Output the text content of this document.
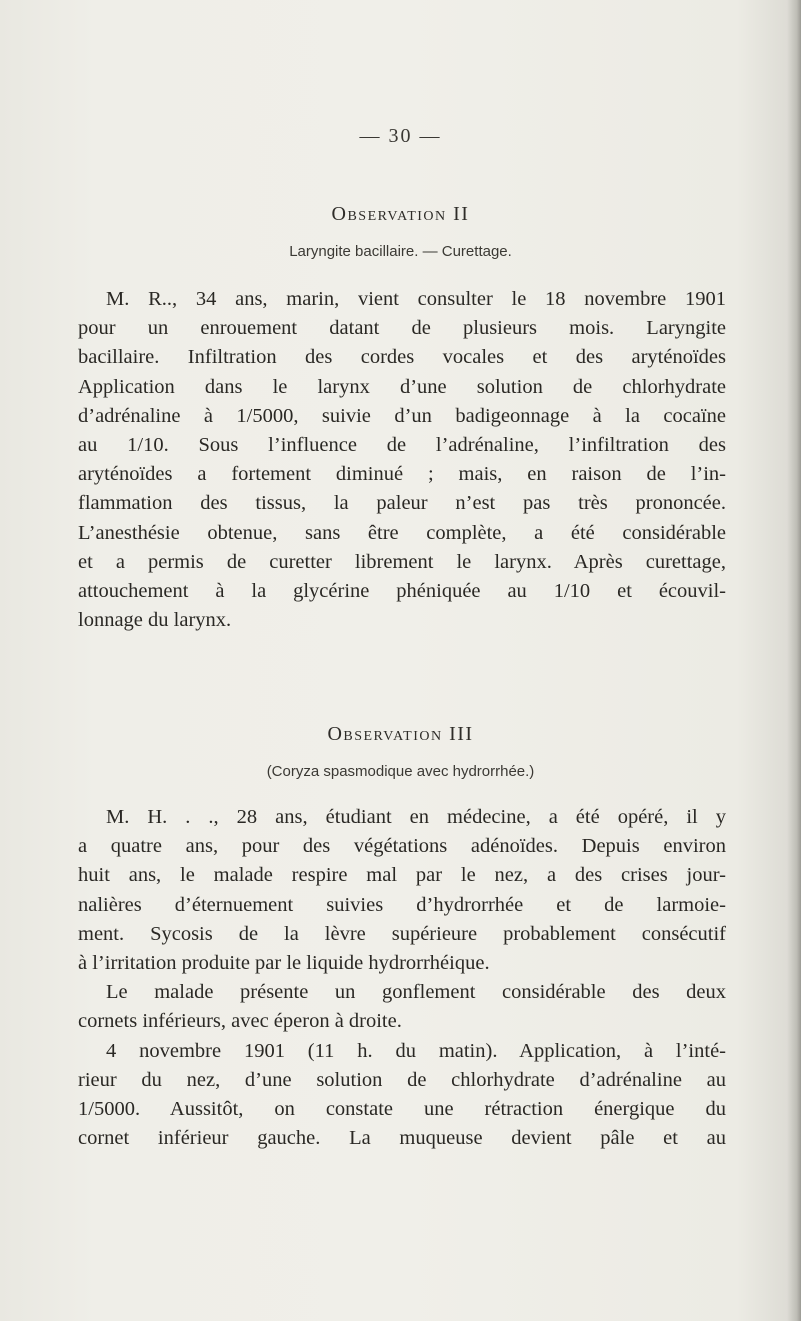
— 30 —
Observation II
Laryngite bacillaire. — Curettage.
M. R.., 34 ans, marin, vient consulter le 18 novembre 1901
pour un enrouement datant de plusieurs mois. Laryngite
bacillaire. Infiltration des cordes vocales et des aryténoïdes
Application dans le larynx d’une solution de chlorhydrate
d’adrénaline à 1/5000, suivie d’un badigeonnage à la cocaïne
au 1/10. Sous l’influence de l’adrénaline, l’infiltration des
aryténoïdes a fortement diminué ; mais, en raison de l’in-
flammation des tissus, la paleur n’est pas très prononcée.
L’anesthésie obtenue, sans être complète, a été considérable
et a permis de curetter librement le larynx. Après curettage,
attouchement à la glycérine phéniquée au 1/10 et écouvil-
lonnage du larynx.
Observation III
(Coryza spasmodique avec hydrorrhée.)
M. H. . ., 28 ans, étudiant en médecine, a été opéré, il y
a quatre ans, pour des végétations adénoïdes. Depuis environ
huit ans, le malade respire mal par le nez, a des crises jour-
nalières d’éternuement suivies d’hydrorrhée et de larmoie-
ment. Sycosis de la lèvre supérieure probablement consécutif
à l’irritation produite par le liquide hydrorrhéique.
Le malade présente un gonflement considérable des deux
cornets inférieurs, avec éperon à droite.
4 novembre 1901 (11 h. du matin). Application, à l’inté-
rieur du nez, d’une solution de chlorhydrate d’adrénaline au
1/5000. Aussitôt, on constate une rétraction énergique du
cornet inférieur gauche. La muqueuse devient pâle et au
